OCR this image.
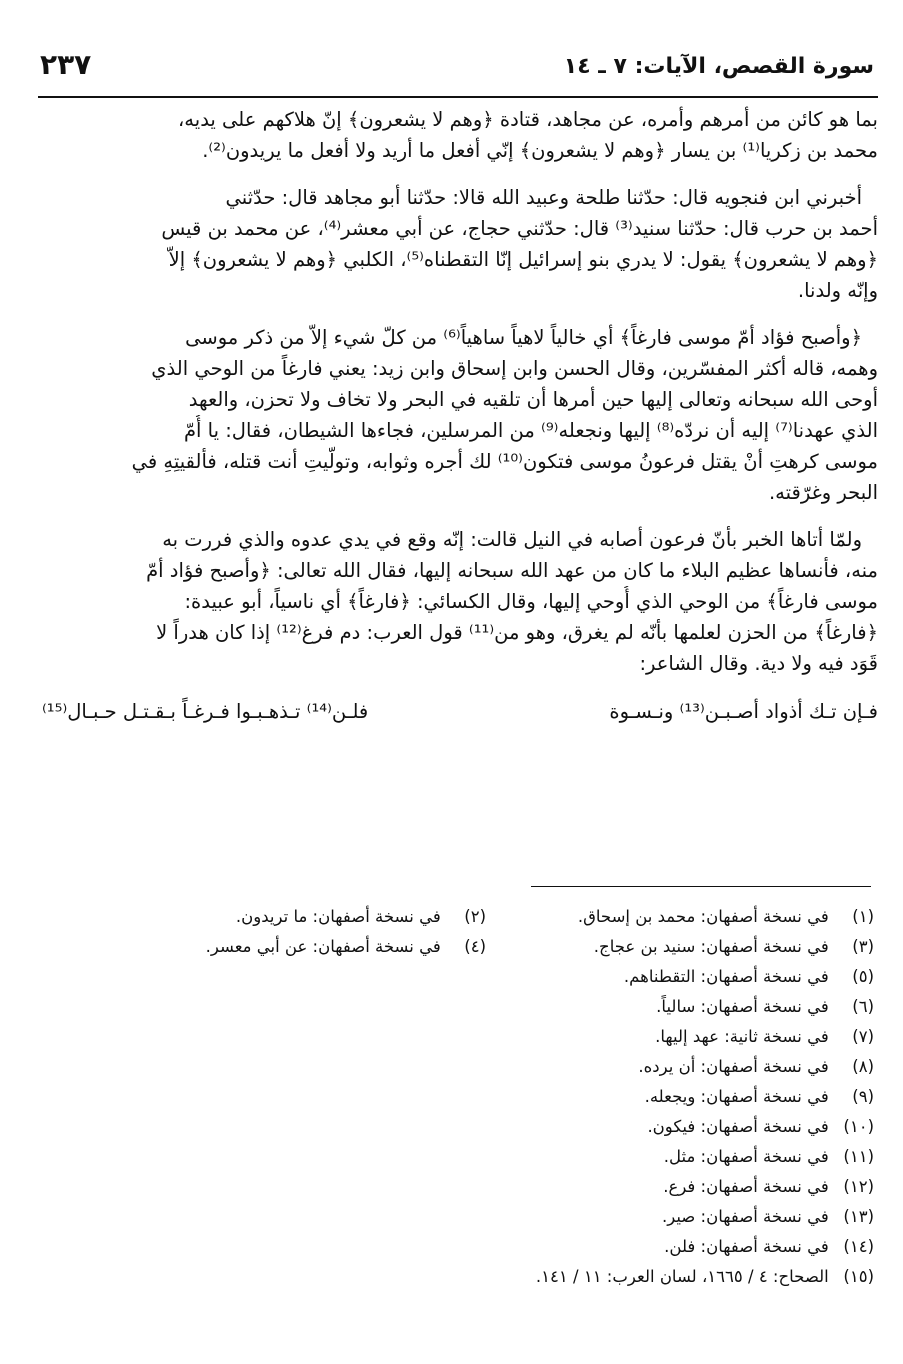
سورة القصص، الآيات: ٧ ـ ١٤
٢٣٧
بما هو كائن من أمرهم وأمره، عن مجاهد، قتادة ﴿وهم لا يشعرون﴾ إنّ هلاكهم على يديه،
محمد بن زكريا⁽¹⁾ بن يسار ﴿وهم لا يشعرون﴾ إنّي أفعل ما أريد ولا أفعل ما يريدون⁽²⁾.
أخبرني ابن فنجويه قال: حدّثنا طلحة وعبيد الله قالا: حدّثنا أبو مجاهد قال: حدّثني
أحمد بن حرب قال: حدّثنا سنيد⁽³⁾ قال: حدّثني حجاج، عن أبي معشر⁽⁴⁾، عن محمد بن قيس
﴿وهم لا يشعرون﴾ يقول: لا يدري بنو إسرائيل إنّا التقطناه⁽⁵⁾، الكلبي ﴿وهم لا يشعرون﴾ إلاّ
وإنّه ولدنا.
﴿وأصبح فؤاد أمّ موسى فارغاً﴾ أي خالياً لاهياً ساهياً⁽⁶⁾ من كلّ شيء إلاّ من ذكر موسى
وهمه، قاله أكثر المفسّرين، وقال الحسن وابن إسحاق وابن زيد: يعني فارغاً من الوحي الذي
أوحى الله سبحانه وتعالى إليها حين أمرها أن تلقيه في البحر ولا تخاف ولا تحزن، والعهد
الذي عهدنا⁽⁷⁾ إليه أن نردّه⁽⁸⁾ إليها ونجعله⁽⁹⁾ من المرسلين، فجاءها الشيطان، فقال: يا أُمّ
موسى كرهتِ أنْ يقتل فرعونُ موسى فتكون⁽¹⁰⁾ لك أجره وثوابه، وتولّيتِ أنت قتله، فألقيتِهِ في
البحر وغرّقته.
ولمّا أتاها الخبر بأنّ فرعون أصابه في النيل قالت: إنّه وقع في يدي عدوه والذي فررت به
منه، فأنساها عظيم البلاء ما كان من عهد الله سبحانه إليها، فقال الله تعالى: ﴿وأصبح فؤاد أمّ
موسى فارغاً﴾ من الوحي الذي أُوحي إليها، وقال الكسائي: ﴿فارغاً﴾ أي ناسياً، أبو عبيدة:
﴿فارغاً﴾ من الحزن لعلمها بأنّه لم يغرق، وهو من⁽¹¹⁾ قول العرب: دم فرغ⁽¹²⁾ إذا كان هدراً لا
قَوَد فيه ولا دية. وقال الشاعر:
فـإن تـك أذواد أصـبـن⁽¹³⁾ ونـسـوة
فلـن⁽¹⁴⁾ تـذهـبـوا فـرغـاً بـقـتـل حـبـال⁽¹⁵⁾
(١) في نسخة أصفهان: محمد بن إسحاق.
(٢) في نسخة أصفهان: ما تريدون.
(٣) في نسخة أصفهان: سنيد بن عجاج.
(٤) في نسخة أصفهان: عن أبي معسر.
(٥) في نسخة أصفهان: التقطناهم.
(٦) في نسخة أصفهان: سالياً.
(٧) في نسخة ثانية: عهد إليها.
(٨) في نسخة أصفهان: أن يرده.
(٩) في نسخة أصفهان: ويجعله.
(١٠) في نسخة أصفهان: فيكون.
(١١) في نسخة أصفهان: مثل.
(١٢) في نسخة أصفهان: فرع.
(١٣) في نسخة أصفهان: صير.
(١٤) في نسخة أصفهان: فلن.
(١٥) الصحاح: ٤ / ١٦٦٥، لسان العرب: ١١ / ١٤١.
